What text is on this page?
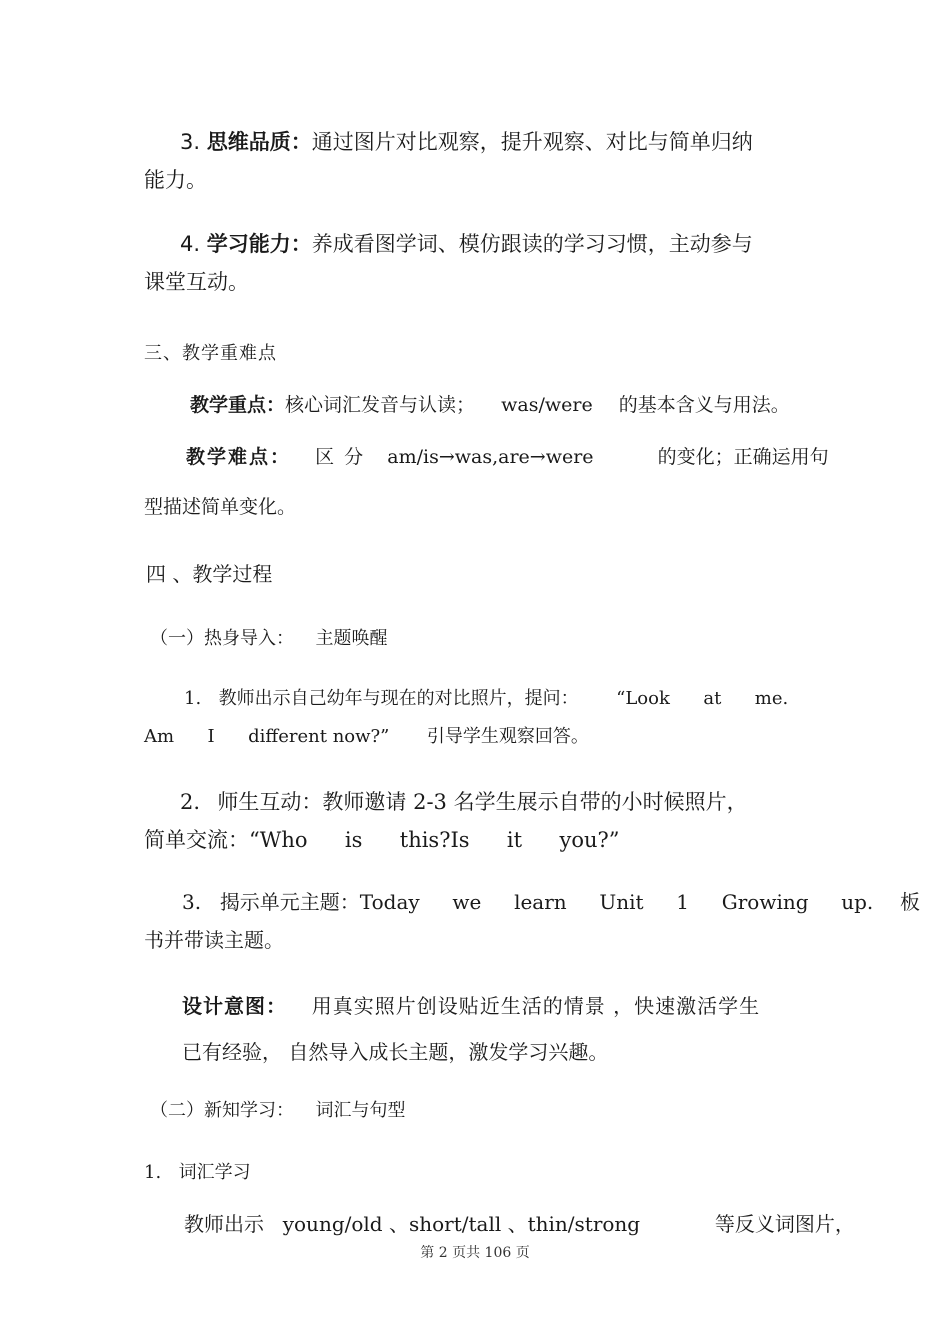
3. 思维品质：通过图片对比观察，提升观察、对比与简单归纳
能力。
4. 学习能力：养成看图学词、模仿跟读的学习习惯，主动参与
课堂互动。
三、教学重难点
教学重点：核心词汇发音与认读； was/were 的基本含义与用法。
教学难点： 区 分 am/is→was,are→were	的变化；正确运用句
型描述简单变化。
四 、教学过程
（一）热身导入： 主题唤醒
1. 教师出示自己幼年与现在的对比照片，提问： “Look at me.
Am I different now?” 引导学生观察回答。
2. 师生互动：教师邀请 2-3 名学生展示自带的小时候照片，
简单交流：“Who is this?Is it you?”
3. 揭示单元主题：Today we learn Unit 1 Growing up. 板
书并带读主题。
设计意图： 用真实照片创设贴近生活的情景 ，快速激活学生
已有经验， 自然导入成长主题，激发学习兴趣。
（二）新知学习： 词汇与句型
1. 词汇学习
教师出示 young/old 、short/tall 、thin/strong	等反义词图片，
第 2 页共 106 页
